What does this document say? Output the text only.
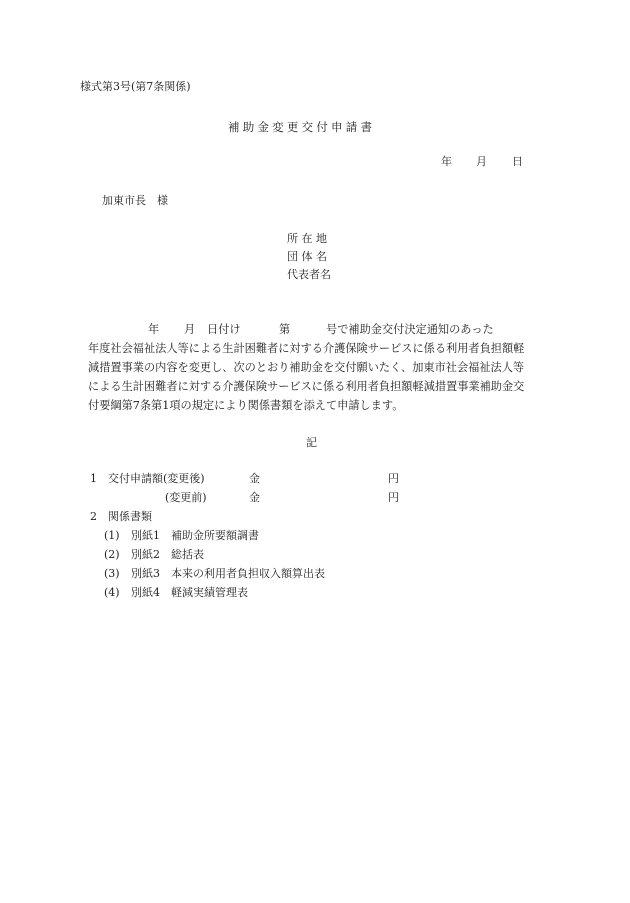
様式第3号(第7条関係)
補助金変更交付申請書
年 月 日
加東市長　様
所在地
団体名
代表者名
年 月 日付け	第	号で補助金交付決定通知のあった
年度社会福祉法人等による生計困難者に対する介護保険サービスに係る利用者負担額軽
減措置事業の内容を変更し、次のとおり補助金を交付願いたく、加東市社会福祉法人等
による生計困難者に対する介護保険サービスに係る利用者負担額軽減措置事業補助金交
付要綱第7条第1項の規定により関係書類を添えて申請します。
記
1 交付申請額(変更後)	金	円
(変更前)	金	円
2 関係書類
(1) 別紙1 補助金所要額調書
(2) 別紙2 総括表
(3) 別紙3 本来の利用者負担収入額算出表
(4) 別紙4 軽減実績管理表
